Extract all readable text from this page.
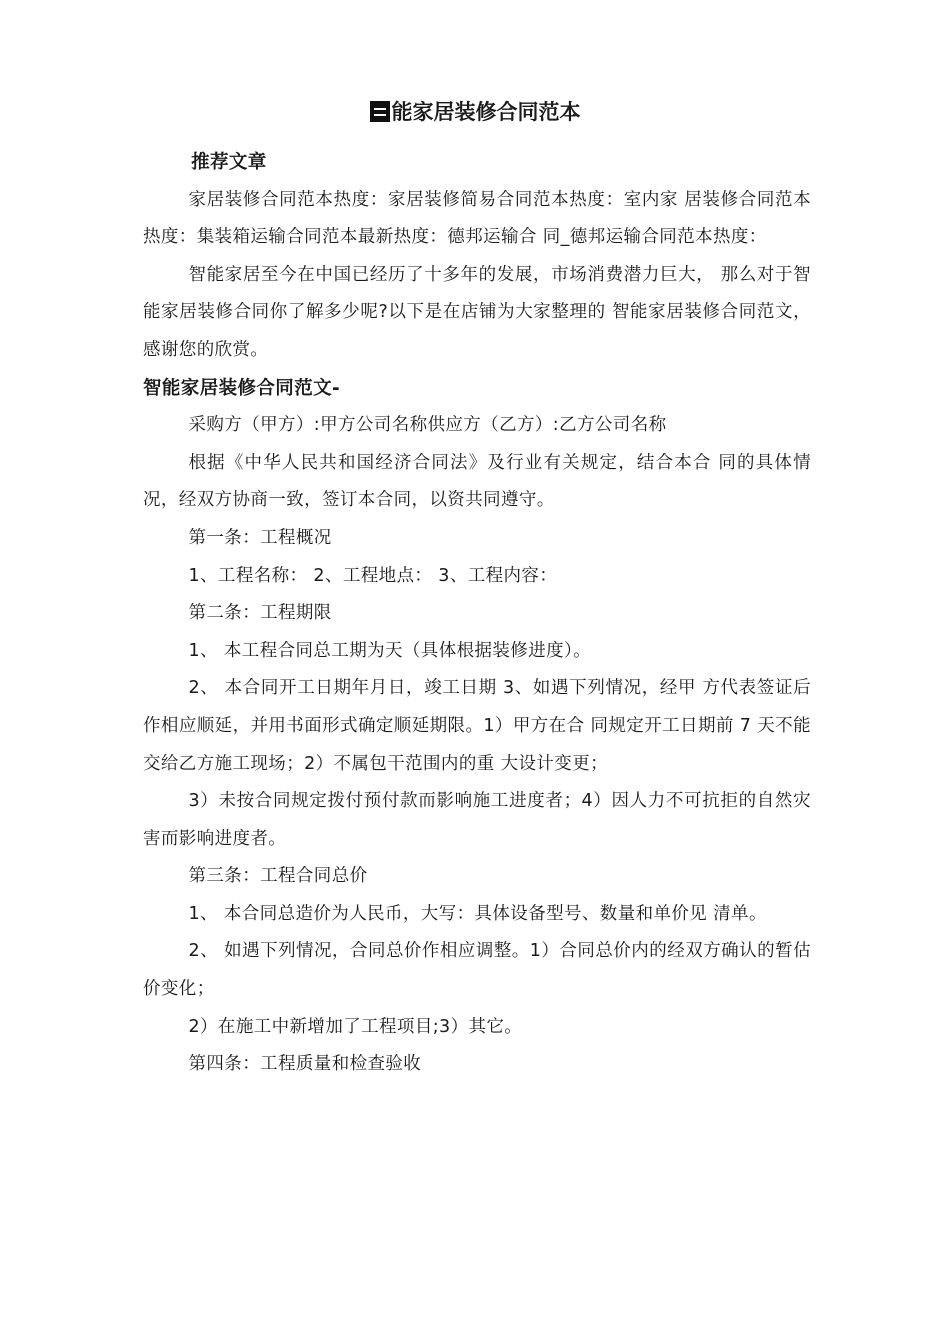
能家居装修合同范本

推荐文章

家居装修合同范本热度：家居装修简易合同范本热度：室内家 居装修合同范本热度：集装箱运输合同范本最新热度：德邦运输合 同_德邦运输合同范本热度：

智能家居至今在中国已经历了十多年的发展，市场消费潜力巨大， 那么对于智能家居装修合同你了解多少呢?以下是在店铺为大家整理的 智能家居装修合同范文，感谢您的欣赏。

智能家居装修合同范文-

采购方（甲方）:甲方公司名称供应方（乙方）:乙方公司名称

根据《中华人民共和国经济合同法》及行业有关规定，结合本合 同的具体情况，经双方协商一致，签订本合同，以资共同遵守。

第一条：工程概况

1、工程名称： 2、工程地点： 3、工程内容：

第二条：工程期限

1、 本工程合同总工期为天（具体根据装修进度）。

2、 本合同开工日期年月日，竣工日期 3、如遇下列情况，经甲 方代表签证后作相应顺延，并用书面形式确定顺延期限。1）甲方在合 同规定开工日期前 7 天不能交给乙方施工现场；2）不属包干范围内的重 大设计变更；

3）未按合同规定拨付预付款而影响施工进度者；4）因人力不可抗拒的自然灾害而影响进度者。

第三条：工程合同总价

1、 本合同总造价为人民币，大写：具体设备型号、数量和单价见 清单。

2、 如遇下列情况，合同总价作相应调整。1）合同总价内的经双方确认的暂估价变化；

2）在施工中新增加了工程项目;3）其它。

第四条：工程质量和检查验收
